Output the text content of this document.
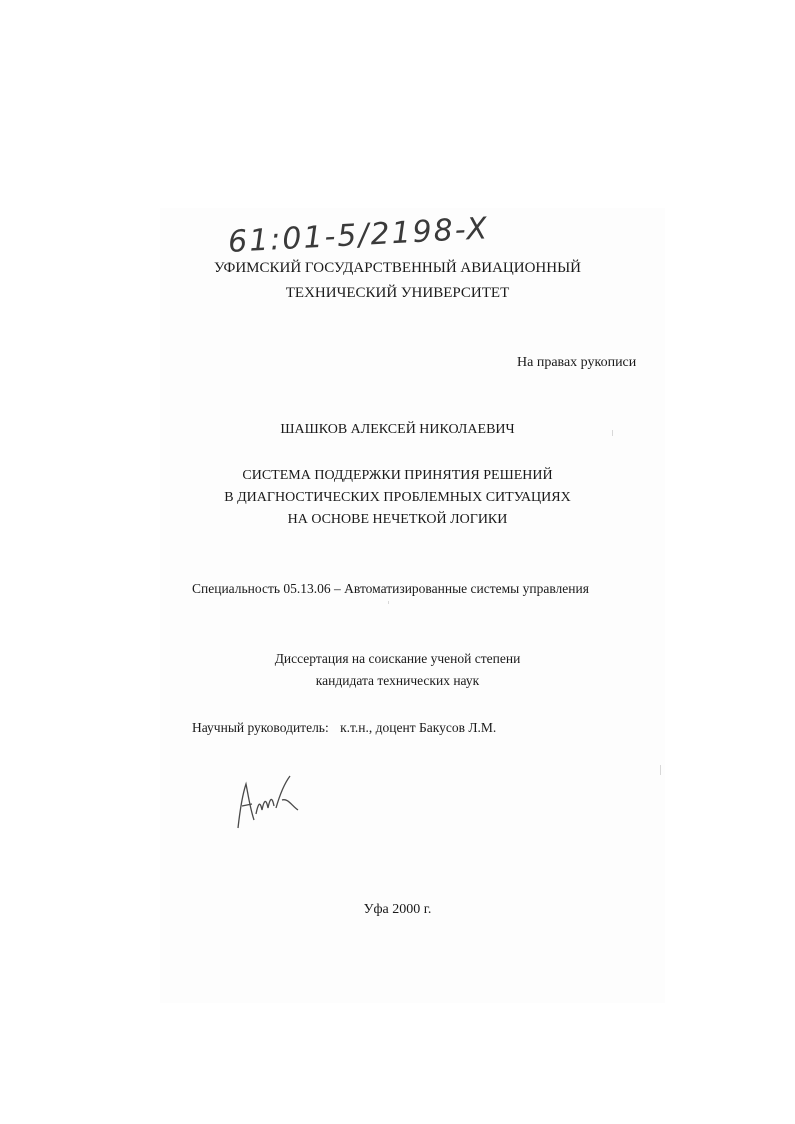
61:01-5/2198-X
УФИМСКИЙ ГОСУДАРСТВЕННЫЙ АВИАЦИОННЫЙ
ТЕХНИЧЕСКИЙ УНИВЕРСИТЕТ
На правах рукописи
ШАШКОВ АЛЕКСЕЙ НИКОЛАЕВИЧ
СИСТЕМА ПОДДЕРЖКИ ПРИНЯТИЯ РЕШЕНИЙ
В ДИАГНОСТИЧЕСКИХ ПРОБЛЕМНЫХ СИТУАЦИЯХ
НА ОСНОВЕ НЕЧЕТКОЙ ЛОГИКИ
Специальность 05.13.06 – Автоматизированные системы управления
Диссертация на соискание ученой степени
кандидата технических наук
Научный руководитель: к.т.н., доцент Бакусов Л.М.
Уфа 2000 г.
